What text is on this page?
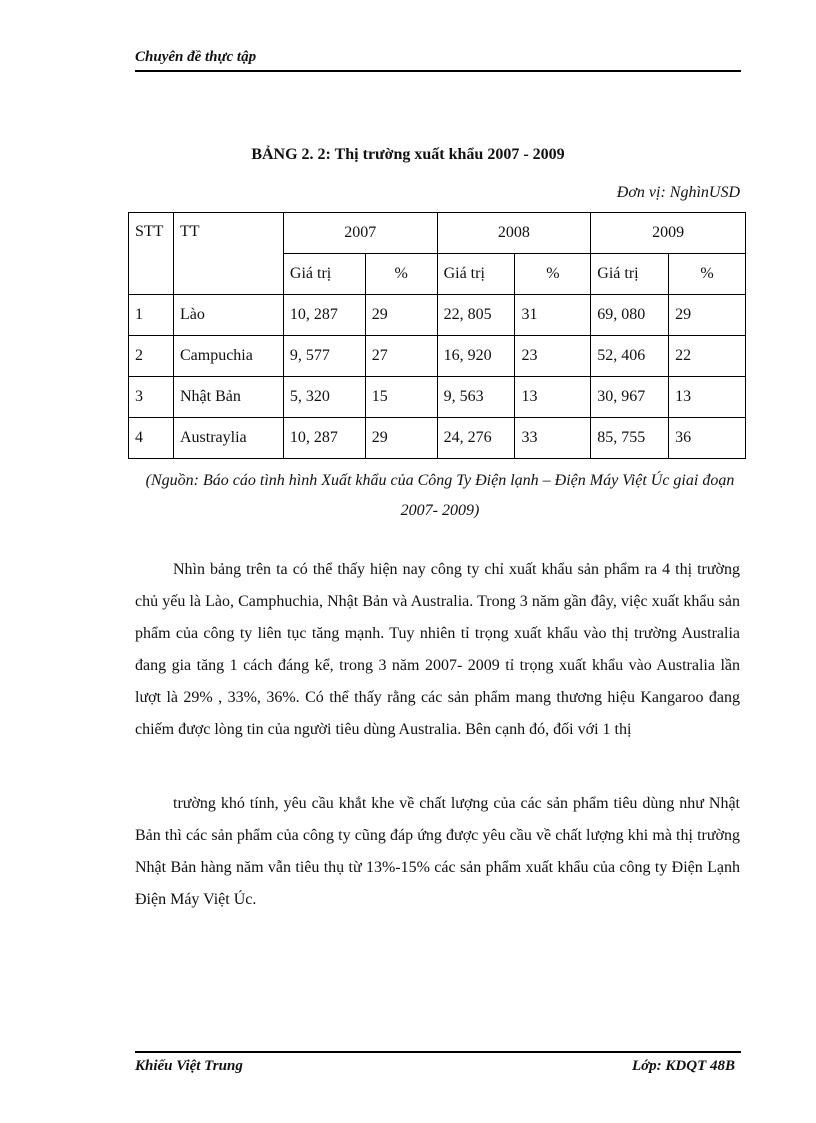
Chuyên đề thực tập
BẢNG 2. 2: Thị trường xuất khẩu 2007 - 2009
Đơn vị: NghìnUSD
STT	TT	2007		2008		2009	
		Giá trị	%	Giá trị	%	Giá trị	%
1	Lào	10, 287	29	22, 805	31	69, 080	29
2	Campuchia	9, 577	27	16, 920	23	52, 406	22
3	Nhật Bản	5, 320	15	9, 563	13	30, 967	13
4	Austraylia	10, 287	29	24, 276	33	85, 755	36
(Nguồn: Báo cáo tình hình Xuất khẩu của Công Ty Điện lạnh – Điện Máy Việt Úc giai đoạn 2007- 2009)
Nhìn bảng trên ta có thể thấy hiện nay công ty chỉ xuất khẩu sản phẩm ra 4 thị trường chủ yếu là Lào, Camphuchia, Nhật Bản và Australia. Trong 3 năm gần đây, việc xuất khẩu sản phẩm của công ty liên tục tăng mạnh. Tuy nhiên tỉ trọng xuất khẩu vào thị trường Australia đang gia tăng 1 cách đáng kể, trong 3 năm 2007- 2009 tỉ trọng xuất khẩu vào Australia lần lượt là 29% , 33%, 36%. Có thể thấy rằng các sản phẩm mang thương hiệu Kangaroo đang chiếm được lòng tin của người tiêu dùng Australia. Bên cạnh đó, đối với 1 thị
trường khó tính, yêu cầu khắt khe về chất lượng của các sản phẩm tiêu dùng như Nhật Bản thì các sản phẩm của công ty cũng đáp ứng được yêu cầu về chất lượng khi mà thị trường Nhật Bản hàng năm vẫn tiêu thụ từ 13%-15% các sản phẩm xuất khẩu của công ty Điện Lạnh Điện Máy Việt Úc.
Khiếu Việt Trung	Lớp: KDQT 48B
